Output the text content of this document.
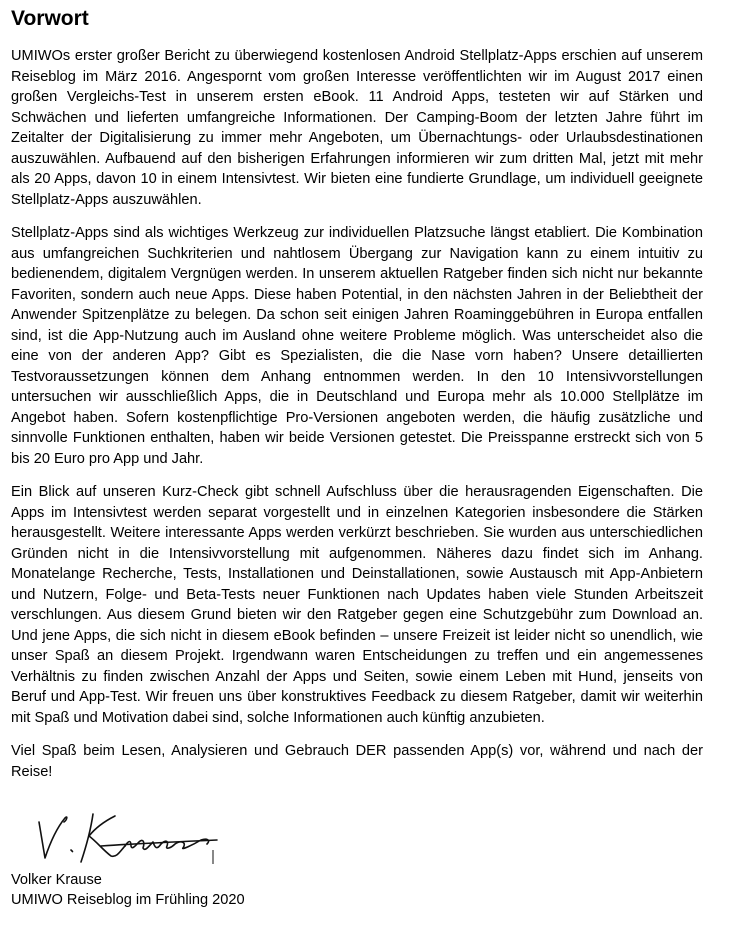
Vorwort

UMIWOs erster großer Bericht zu überwiegend kostenlosen Android Stellplatz-Apps erschien auf unserem Reiseblog im März 2016. Angespornt vom großen Interesse veröffentlichten wir im August 2017 einen großen Vergleichs-Test in unserem ersten eBook. 11 Android Apps, testeten wir auf Stärken und Schwächen und lieferten umfangreiche Informationen. Der Camping-Boom der letzten Jahre führt im Zeitalter der Digitalisierung zu immer mehr Angeboten, um Übernachtungs- oder Urlaubsdestinationen auszuwählen. Aufbauend auf den bisherigen Erfahrungen informieren wir zum dritten Mal, jetzt mit mehr als 20 Apps, davon 10 in einem Intensivtest. Wir bieten eine fundierte Grundlage, um individuell geeignete Stellplatz-Apps auszuwählen.

Stellplatz-Apps sind als wichtiges Werkzeug zur individuellen Platzsuche längst etabliert. Die Kombination aus umfangreichen Suchkriterien und nahtlosem Übergang zur Navigation kann zu einem intuitiv zu bedienendem, digitalem Vergnügen werden. In unserem aktuellen Ratgeber finden sich nicht nur bekannte Favoriten, sondern auch neue Apps. Diese haben Potential, in den nächsten Jahren in der Beliebtheit der Anwender Spitzenplätze zu belegen. Da schon seit einigen Jahren Roaminggebühren in Europa entfallen sind, ist die App-Nutzung auch im Ausland ohne weitere Probleme möglich. Was unterscheidet also die eine von der anderen App? Gibt es Spezialisten, die die Nase vorn haben? Unsere detaillierten Testvoraussetzungen können dem Anhang entnommen werden. In den 10 Intensivvorstellungen untersuchen wir ausschließlich Apps, die in Deutschland und Europa mehr als 10.000 Stellplätze im Angebot haben. Sofern kostenpflichtige Pro-Versionen angeboten werden, die häufig zusätzliche und sinnvolle Funktionen enthalten, haben wir beide Versionen getestet. Die Preisspanne erstreckt sich von 5 bis 20 Euro pro App und Jahr.

Ein Blick auf unseren Kurz-Check gibt schnell Aufschluss über die herausragenden Eigenschaften. Die Apps im Intensivtest werden separat vorgestellt und in einzelnen Kategorien insbesondere die Stärken herausgestellt. Weitere interessante Apps werden verkürzt beschrieben. Sie wurden aus unterschiedlichen Gründen nicht in die Intensivvorstellung mit aufgenommen. Näheres dazu findet sich im Anhang. Monatelange Recherche, Tests, Installationen und Deinstallationen, sowie Austausch mit App-Anbietern und Nutzern, Folge- und Beta-Tests neuer Funktionen nach Updates haben viele Stunden Arbeitszeit verschlungen. Aus diesem Grund bieten wir den Ratgeber gegen eine Schutzgebühr zum Download an. Und jene Apps, die sich nicht in diesem eBook befinden – unsere Freizeit ist leider nicht so unendlich, wie unser Spaß an diesem Projekt. Irgendwann waren Entscheidungen zu treffen und ein angemessenes Verhältnis zu finden zwischen Anzahl der Apps und Seiten, sowie einem Leben mit Hund, jenseits von Beruf und App-Test. Wir freuen uns über konstruktives Feedback zu diesem Ratgeber, damit wir weiterhin mit Spaß und Motivation dabei sind, solche Informationen auch künftig anzubieten.

Viel Spaß beim Lesen, Analysieren und Gebrauch DER passenden App(s) vor, während und nach der Reise!

Volker Krause
UMIWO Reiseblog im Frühling 2020
